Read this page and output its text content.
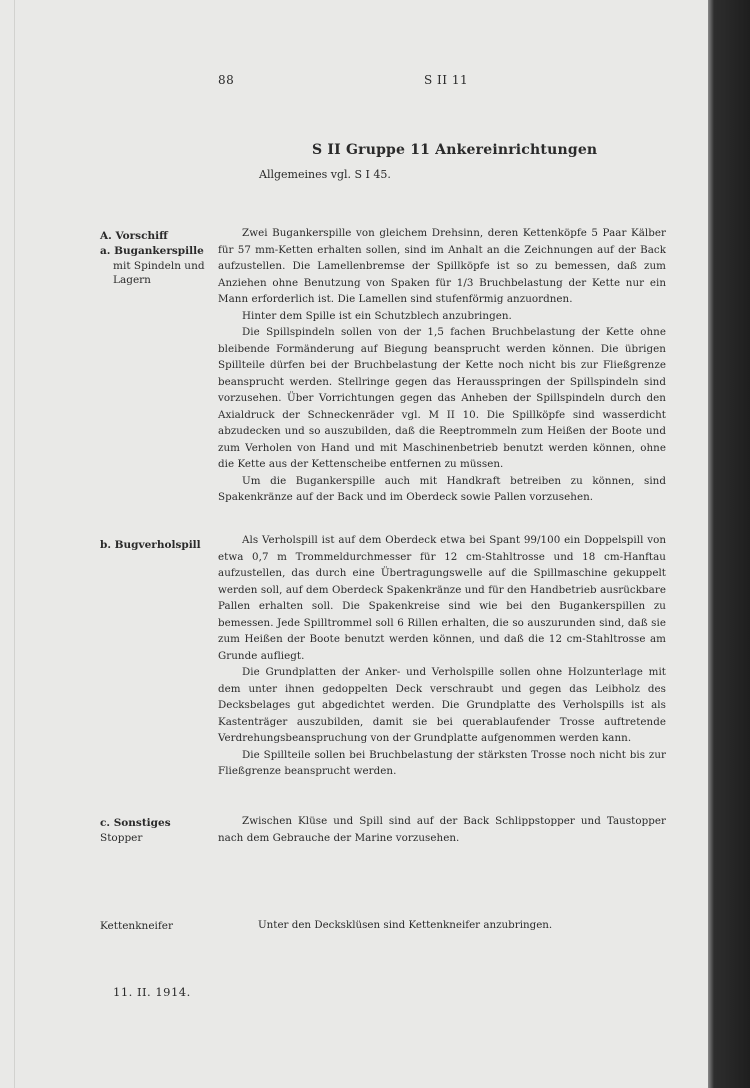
88	S II 11
S II Gruppe 11 Ankereinrichtungen
Allgemeines vgl. S I 45.
A. Vorschiff
a. Bugankerspille
mit Spindeln und
Lagern

Zwei Bugankerspille von gleichem Drehsinn, deren Kettenköpfe 5 Paar Kälber für 57 mm-Ketten erhalten sollen, sind im Anhalt an die Zeichnungen auf der Back aufzustellen. Die Lamellenbremse der Spillköpfe ist so zu bemessen, daß zum Anziehen ohne Benutzung von Spaken für 1/3 Bruchbelastung der Kette nur ein Mann erforderlich ist. Die Lamellen sind stufenförmig anzuordnen.

Hinter dem Spille ist ein Schutzblech anzubringen.

Die Spillspindeln sollen von der 1,5 fachen Bruchbelastung der Kette ohne bleibende Formänderung auf Biegung beansprucht werden können. Die übrigen Spillteile dürfen bei der Bruchbelastung der Kette noch nicht bis zur Fließgrenze beansprucht werden. Stellringe gegen das Herausspringen der Spillspindeln sind vorzusehen. Über Vorrichtungen gegen das Anheben der Spillspindeln durch den Axialdruck der Schneckenräder vgl. M II 10. Die Spillköpfe sind wasserdicht abzudecken und so auszubilden, daß die Reeptrommeln zum Heißen der Boote und zum Verholen von Hand und mit Maschinenbetrieb benutzt werden können, ohne die Kette aus der Kettenscheibe entfernen zu müssen.

Um die Bugankerspille auch mit Handkraft betreiben zu können, sind Spakenkränze auf der Back und im Oberdeck sowie Pallen vorzusehen.

b. Bugverholspill	Als Verholspill ist auf dem Oberdeck etwa bei Spant 99/100 ein Doppelspill von etwa 0,7 m Trommeldurchmesser für 12 cm-Stahltrosse und 18 cm-Hanftau aufzustellen, das durch eine Übertragungswelle auf die Spillmaschine gekuppelt werden soll, auf dem Oberdeck Spakenkränze und für den Handbetrieb ausrückbare Pallen erhalten soll. Die Spakenkreise sind wie bei den Bugankerspillen zu bemessen. Jede Spilltrommel soll 6 Rillen erhalten, die so auszurunden sind, daß sie zum Heißen der Boote benutzt werden können, und daß die 12 cm-Stahltrosse am Grunde aufliegt.

Die Grundplatten der Anker- und Verholspille sollen ohne Holzunterlage mit dem unter ihnen gedoppelten Deck verschraubt und gegen das Leibholz des Decksbelages gut abgedichtet werden. Die Grundplatte des Verholspills ist als Kastenträger auszubilden, damit sie bei querablaufender Trosse auftretende Verdrehungsbeanspruchung von der Grundplatte aufgenommen werden kann.

Die Spillteile sollen bei Bruchbelastung der stärksten Trosse noch nicht bis zur Fließgrenze beansprucht werden.

c. Sonstiges
Stopper

Zwischen Klüse und Spill sind auf der Back Schlippstopper und Taustopper nach dem Gebrauche der Marine vorzusehen.

Kettenkneifer	Unter den Decksklüsen sind Kettenkneifer anzubringen.
11. II. 1914.
